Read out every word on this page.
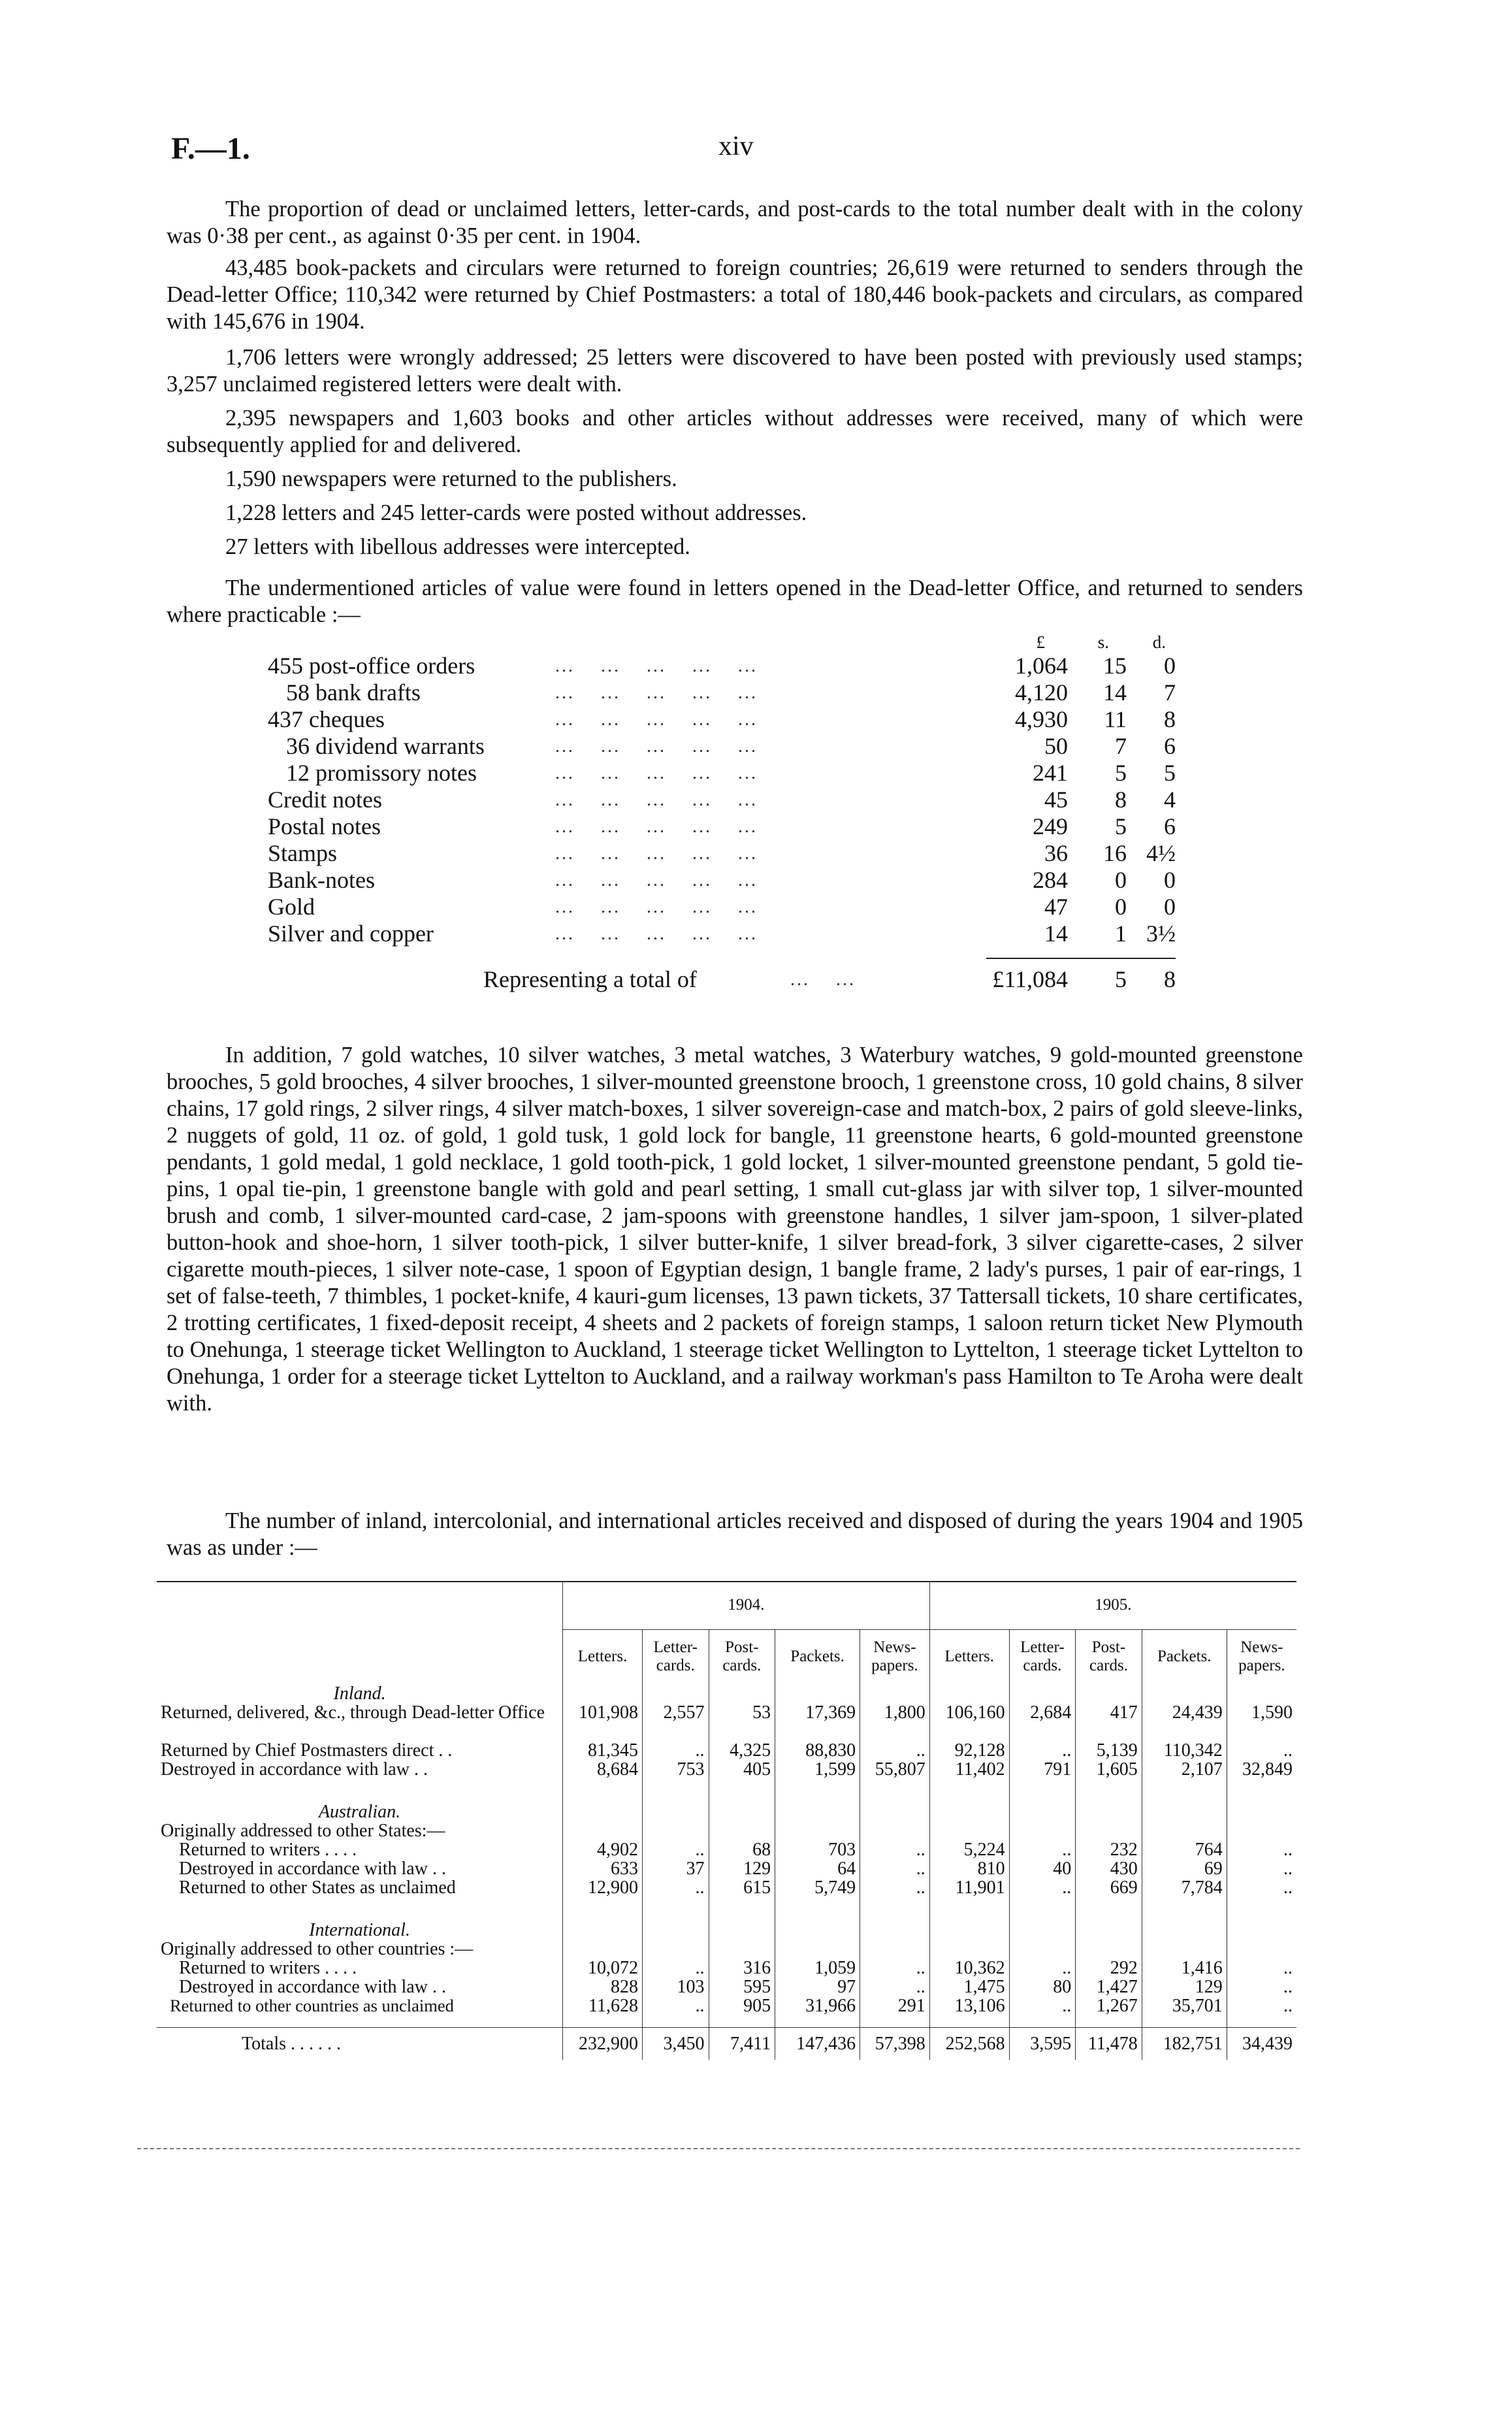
F.—1.	xiv

The proportion of dead or unclaimed letters, letter-cards, and post-cards to the total number dealt with in the colony was 0·38 per cent., as against 0·35 per cent. in 1904.

43,485 book-packets and circulars were returned to foreign countries; 26,619 were returned to senders through the Dead-letter Office; 110,342 were returned by Chief Postmasters: a total of 180,446 book-packets and circulars, as compared with 145,676 in 1904.

1,706 letters were wrongly addressed; 25 letters were discovered to have been posted with previously used stamps; 3,257 unclaimed registered letters were dealt with.

2,395 newspapers and 1,603 books and other articles without addresses were received, many of which were subsequently applied for and delivered.

1,590 newspapers were returned to the publishers.

1,228 letters and 245 letter-cards were posted without addresses.

27 letters with libellous addresses were intercepted.

The undermentioned articles of value were found in letters opened in the Dead-letter Office, and returned to senders where practicable :—

£	s. d.
455 post-office orders	...    ...    ...    ...    ...	1,064	15	0
58 bank drafts	...    ...    ...    ...    ...	4,120	14	7
437 cheques	...    ...    ...    ...    ...	4,930	11	8
36 dividend warrants	...    ...    ...    ...    ...	50	7	6
12 promissory notes	...    ...    ...    ...    ...	241	5	5
Credit notes	...    ...    ...    ...    ...	45	8	4
Postal notes	...    ...    ...    ...    ...	249	5	6
Stamps	...    ...    ...    ...    ...	36	16 4½
Bank-notes	...    ...    ...    ...    ...	284	0	0
Gold	...    ...    ...    ...    ...	47	0	0
Silver and copper	...    ...    ...    ...    ...	14	1 3½
Representing a total of	...    ...	£11,084	5	8

In addition, 7 gold watches, 10 silver watches, 3 metal watches, 3 Waterbury watches, 9 gold-mounted greenstone brooches, 5 gold brooches, 4 silver brooches, 1 silver-mounted greenstone brooch, 1 greenstone cross, 10 gold chains, 8 silver chains, 17 gold rings, 2 silver rings, 4 silver match-boxes, 1 silver sovereign-case and match-box, 2 pairs of gold sleeve-links, 2 nuggets of gold, 11 oz. of gold, 1 gold tusk, 1 gold lock for bangle, 11 greenstone hearts, 6 gold-mounted greenstone pendants, 1 gold medal, 1 gold necklace, 1 gold tooth-pick, 1 gold locket, 1 silver-mounted greenstone pendant, 5 gold tie-pins, 1 opal tie-pin, 1 greenstone bangle with gold and pearl setting, 1 small cut-glass jar with silver top, 1 silver-mounted brush and comb, 1 silver-mounted card-case, 2 jam-spoons with greenstone handles, 1 silver jam-spoon, 1 silver-plated button-hook and shoe-horn, 1 silver tooth-pick, 1 silver butter-knife, 1 silver bread-fork, 3 silver cigarette-cases, 2 silver cigarette mouth-pieces, 1 silver note-case, 1 spoon of Egyptian design, 1 bangle frame, 2 lady's purses, 1 pair of ear-rings, 1 set of false-teeth, 7 thimbles, 1 pocket-knife, 4 kauri-gum licenses, 13 pawn tickets, 37 Tattersall tickets, 10 share certificates, 2 trotting certificates, 1 fixed-deposit receipt, 4 sheets and 2 packets of foreign stamps, 1 saloon return ticket New Plymouth to Onehunga, 1 steerage ticket Wellington to Auckland, 1 steerage ticket Wellington to Lyttelton, 1 steerage ticket Lyttelton to Onehunga, 1 order for a steerage ticket Lyttelton to Auckland, and a railway workman's pass Hamilton to Te Aroha were dealt with.

The number of inland, intercolonial, and international articles received and disposed of during the years 1904 and 1905 was as under :—

	1904.					1905.				
	Letters.	Letter-cards.	Post-cards.	Packets.	News-papers.	Letters.	Letter-cards.	Post-cards.	Packets.	News-papers.
Inland.										
Returned, delivered, &c., through Dead-letter Office	101,908	2,557	53	17,369	1,800	106,160	2,684	417	24,439	1,590
Returned by Chief Postmasters direct . .	81,345	..	4,325	88,830	..	92,128	..	5,139	110,342	..
Destroyed in accordance with law . .	8,684	753	405	1,599	55,807	11,402	791	1,605	2,107	32,849

Australian.										
Originally addressed to other States:—										
Returned to writers . . . .	4,902	..	68	703	..	5,224	..	232	764	..
Destroyed in accordance with law . .	633	37	129	64	..	810	40	430	69	..
Returned to other States as unclaimed	12,900	..	615	5,749	..	11,901	..	669	7,784	..

International.										
Originally addressed to other countries :—										
Returned to writers . . . .	10,072	..	316	1,059	..	10,362	..	292	1,416	..
Destroyed in accordance with law . .	828	103	595	97	..	1,475	80	1,427	129	..
Returned to other countries as unclaimed	11,628	..	905	31,966	291	13,106	..	1,267	35,701	..

Totals . . . . . .	232,900	3,450	7,411	147,436	57,398	252,568	3,595	11,478	182,751	34,439
